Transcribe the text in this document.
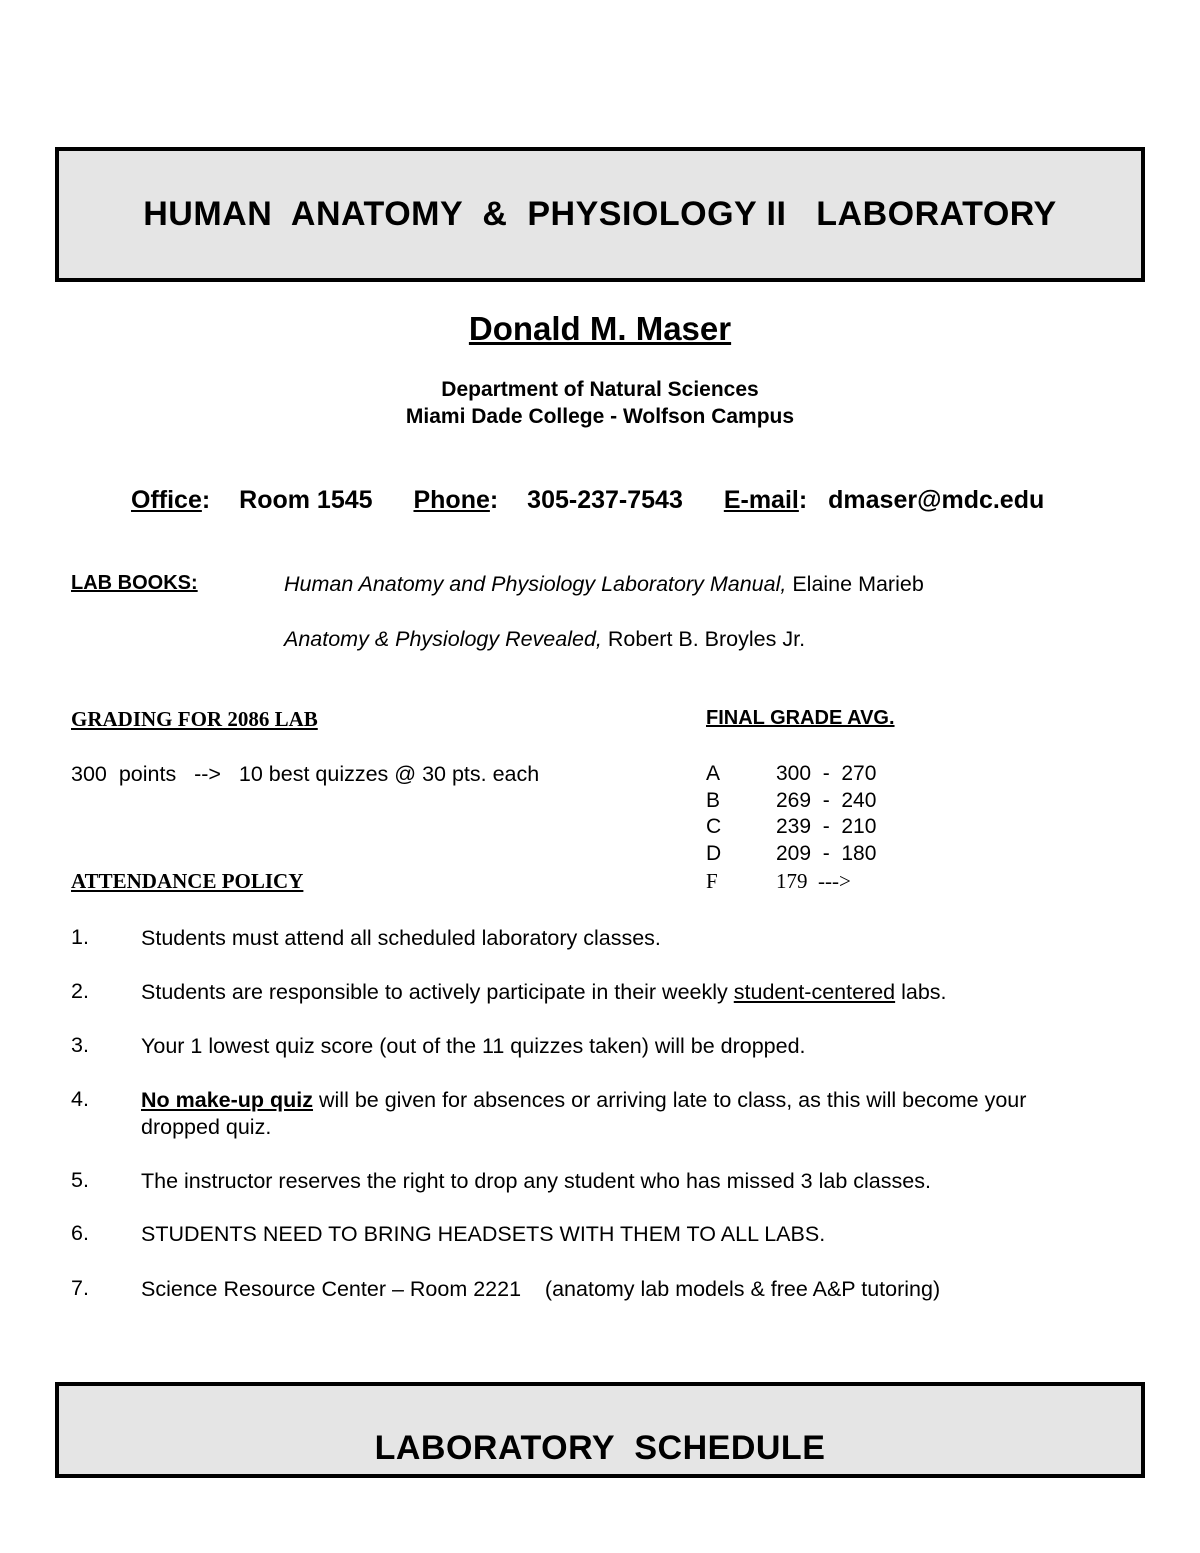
HUMAN  ANATOMY  &  PHYSIOLOGY II   LABORATORY
Donald M. Maser
Department of Natural Sciences
Miami Dade College - Wolfson Campus
Office: Room 1545 Phone: 305-237-7543 E-mail: dmaser@mdc.edu
LAB BOOKS:	Human Anatomy and Physiology Laboratory Manual, Elaine Marieb
Anatomy & Physiology Revealed, Robert B. Broyles Jr.
GRADING FOR 2086 LAB
300  points   -->   10 best quizzes @ 30 pts. each
FINAL GRADE AVG.
A	300  -  270
B	269  -  240
C	239  -  210
D	209  -  180
F	179  --->
ATTENDANCE POLICY
1. Students must attend all scheduled laboratory classes.
2. Students are responsible to actively participate in their weekly student-centered labs.
3. Your 1 lowest quiz score (out of the 11 quizzes taken) will be dropped.
4. No make-up quiz will be given for absences or arriving late to class, as this will become your dropped quiz.
5. The instructor reserves the right to drop any student who has missed 3 lab classes.
6. STUDENTS NEED TO BRING HEADSETS WITH THEM TO ALL LABS.
7. Science Resource Center – Room 2221    (anatomy lab models & free A&P tutoring)
LABORATORY  SCHEDULE
